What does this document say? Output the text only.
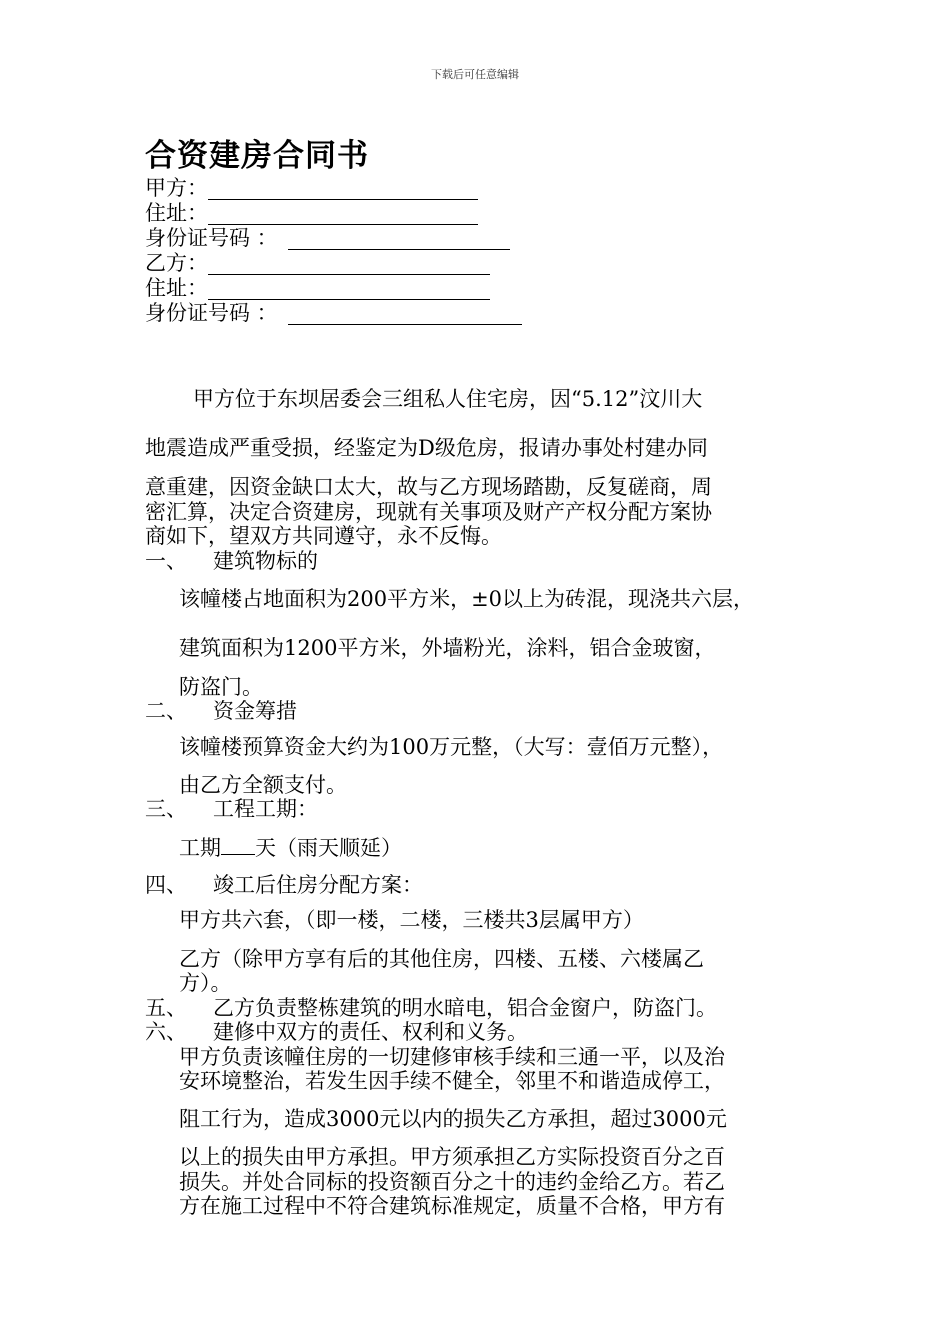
下载后可任意编辑
合资建房合同书
甲方：
住址：
身份证号码 ：
乙方：
住址：
身份证号码 ：
甲方位于东坝居委会三组私人住宅房，因“5.12”汶川大
地震造成严重受损，经鉴定为D级危房，报请办事处村建办同
意重建，因资金缺口太大，故与乙方现场踏勘，反复磋商，周
密汇算，决定合资建房，现就有关事项及财产产权分配方案协
商如下，望双方共同遵守，永不反悔。
一、 建筑物标的
该幢楼占地面积为200平方米，±0以上为砖混，现浇共六层，
建筑面积为1200平方米，外墙粉光，涂料，铝合金玻窗，
防盗门。
二、 资金筹措
该幢楼预算资金大约为100万元整，（大写：壹佰万元整），
由乙方全额支付。
三、 工程工期：
工期 天（雨天顺延）
四、 竣工后住房分配方案：
甲方共六套，（即一楼，二楼，三楼共3层属甲方）
乙方（除甲方享有后的其他住房，四楼、五楼、六楼属乙
方）。
五、 乙方负责整栋建筑的明水暗电，铝合金窗户，防盗门。
六、 建修中双方的责任、权利和义务。
甲方负责该幢住房的一切建修审核手续和三通一平，以及治
安环境整治，若发生因手续不健全，邻里不和谐造成停工，
阻工行为，造成3000元以内的损失乙方承担，超过3000元
以上的损失由甲方承担。甲方须承担乙方实际投资百分之百
损失。并处合同标的投资额百分之十的违约金给乙方。若乙
方在施工过程中不符合建筑标准规定，质量不合格，甲方有
